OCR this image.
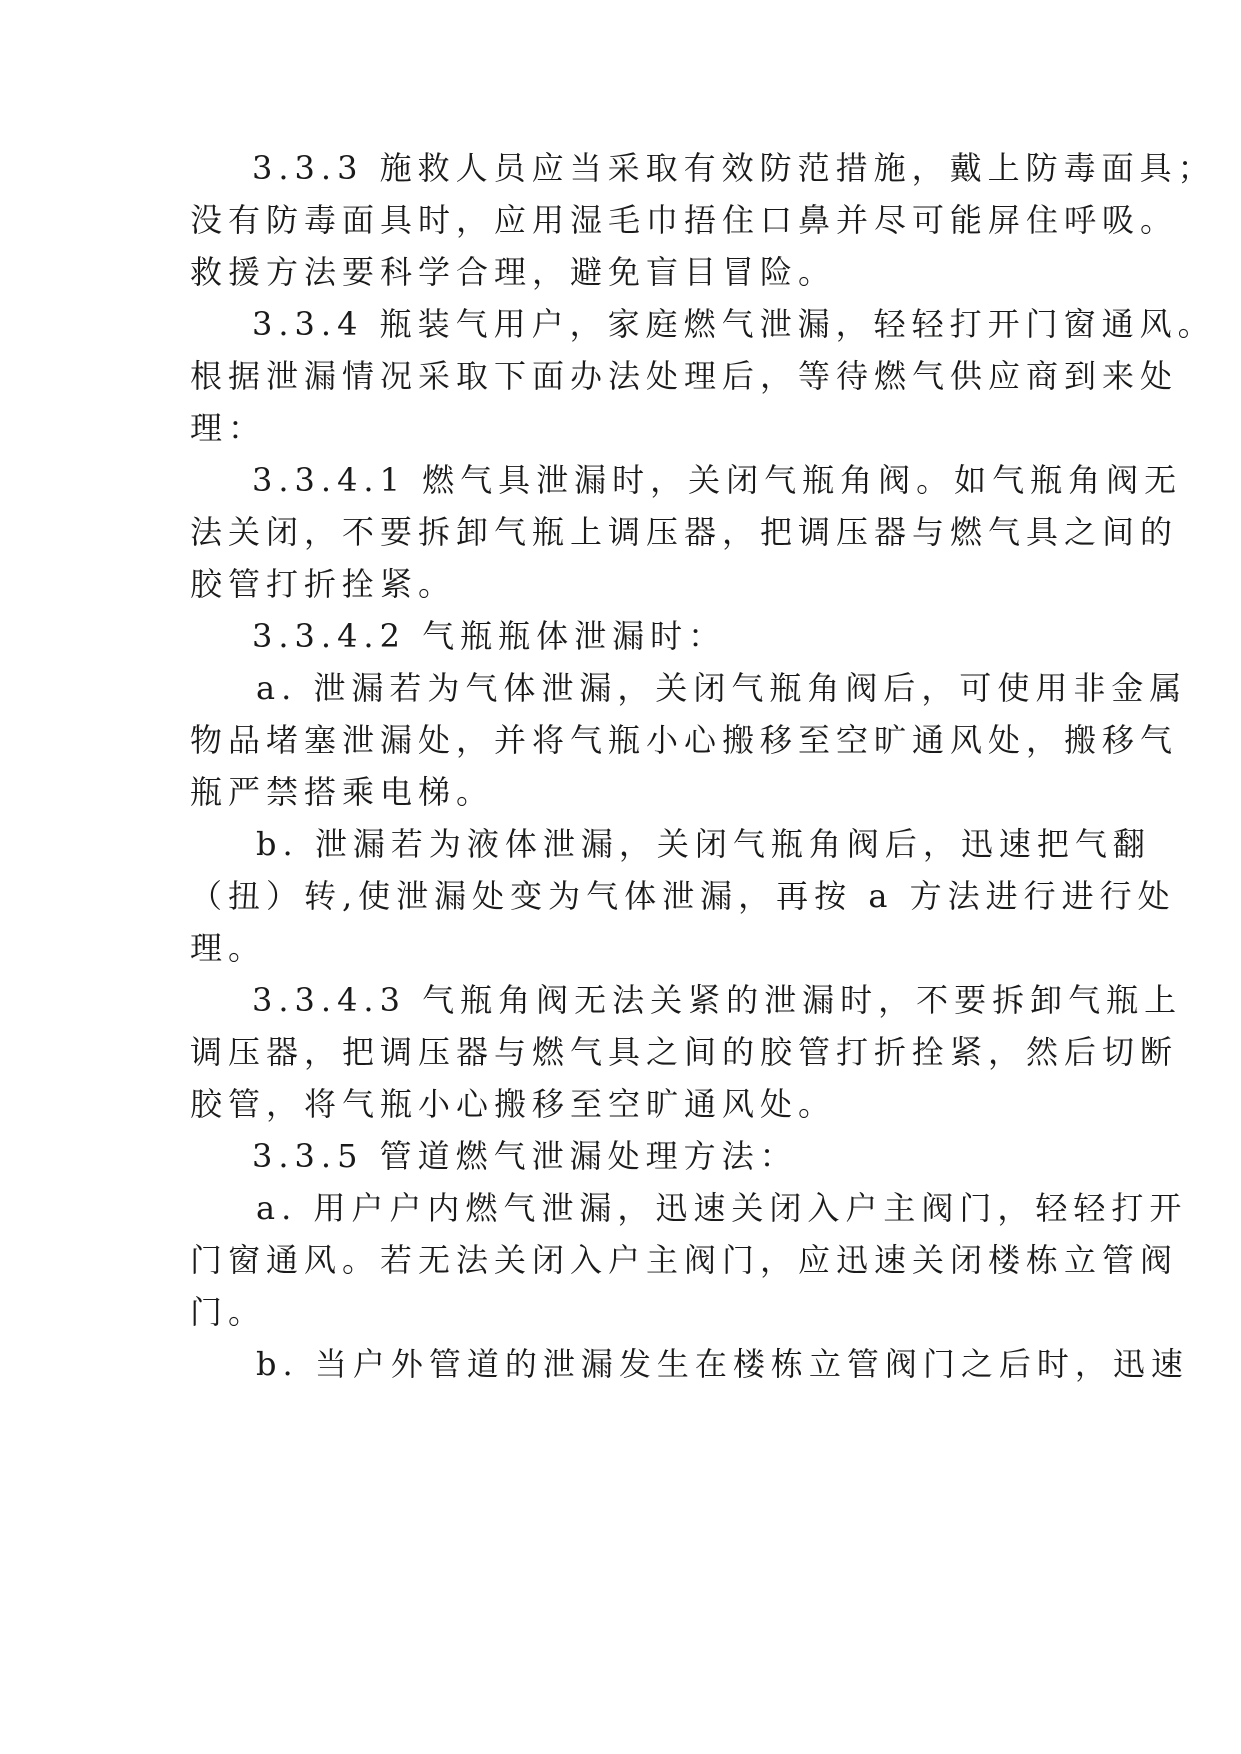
3.3.3 施救人员应当采取有效防范措施，戴上防毒面具；
没有防毒面具时，应用湿毛巾捂住口鼻并尽可能屏住呼吸。
救援方法要科学合理，避免盲目冒险。
3.3.4 瓶装气用户，家庭燃气泄漏，轻轻打开门窗通风。
根据泄漏情况采取下面办法处理后，等待燃气供应商到来处
理：
3.3.4.1 燃气具泄漏时，关闭气瓶角阀。如气瓶角阀无
法关闭，不要拆卸气瓶上调压器，把调压器与燃气具之间的
胶管打折拴紧。
3.3.4.2 气瓶瓶体泄漏时：
a. 泄漏若为气体泄漏，关闭气瓶角阀后，可使用非金属
物品堵塞泄漏处，并将气瓶小心搬移至空旷通风处，搬移气
瓶严禁搭乘电梯。
b. 泄漏若为液体泄漏，关闭气瓶角阀后，迅速把气翻
（扭）转,使泄漏处变为气体泄漏，再按 a 方法进行进行处
理。
3.3.4.3 气瓶角阀无法关紧的泄漏时，不要拆卸气瓶上
调压器，把调压器与燃气具之间的胶管打折拴紧，然后切断
胶管，将气瓶小心搬移至空旷通风处。
3.3.5 管道燃气泄漏处理方法：
a. 用户户内燃气泄漏，迅速关闭入户主阀门，轻轻打开
门窗通风。若无法关闭入户主阀门，应迅速关闭楼栋立管阀
门。
b. 当户外管道的泄漏发生在楼栋立管阀门之后时，迅速
